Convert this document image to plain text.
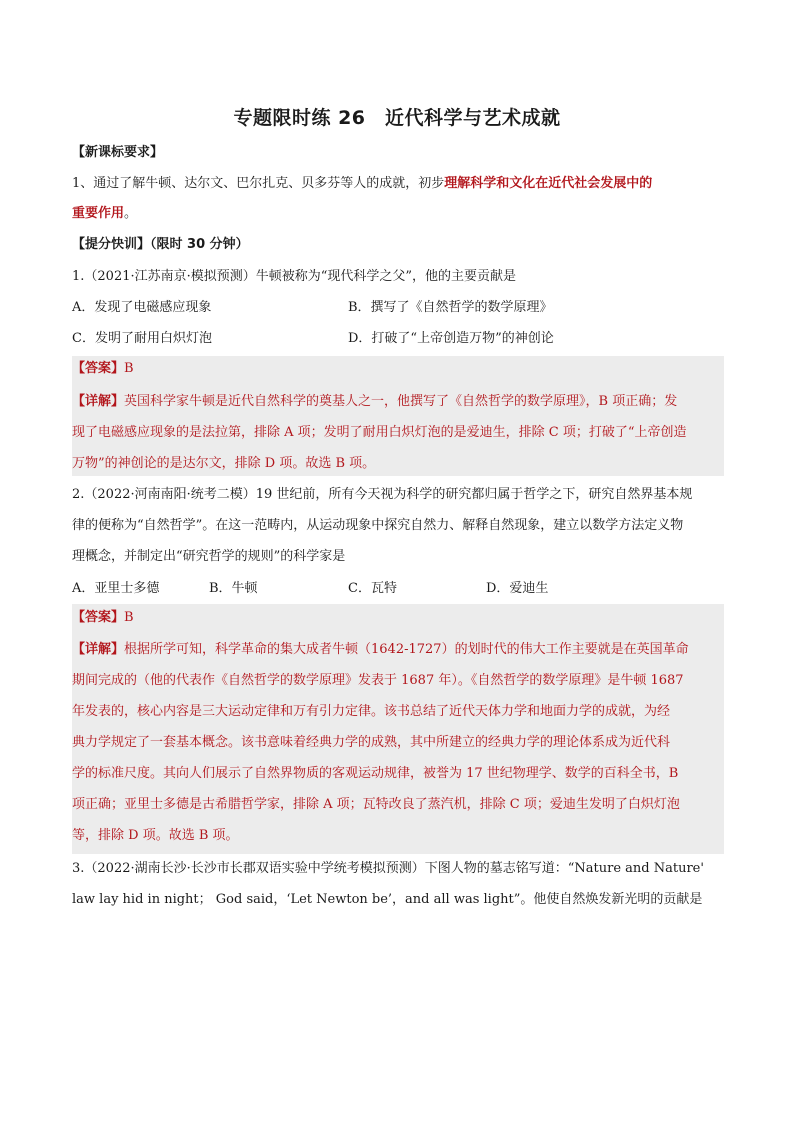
专题限时练 26　近代科学与艺术成就
【新课标要求】
1、通过了解牛顿、达尔文、巴尔扎克、贝多芬等人的成就，初步理解科学和文化在近代社会发展中的
重要作用。
【提分快训】（限时 30 分钟）
1.（2021·江苏南京·模拟预测）牛顿被称为“现代科学之父”，他的主要贡献是
A．发现了电磁感应现象	B．撰写了《自然哲学的数学原理》
C．发明了耐用白炽灯泡	D．打破了“上帝创造万物”的神创论
【答案】B
【详解】英国科学家牛顿是近代自然科学的奠基人之一，他撰写了《自然哲学的数学原理》，B 项正确；发
现了电磁感应现象的是法拉第，排除 A 项；发明了耐用白炽灯泡的是爱迪生，排除 C 项；打破了“上帝创造
万物”的神创论的是达尔文，排除 D 项。故选 B 项。
2.（2022·河南南阳·统考二模）19 世纪前，所有今天视为科学的研究都归属于哲学之下，研究自然界基本规
律的便称为“自然哲学”。在这一范畴内，从运动现象中探究自然力、解释自然现象，建立以数学方法定义物
理概念，并制定出“研究哲学的规则”的科学家是
A．亚里士多德	B．牛顿	C．瓦特	D．爱迪生
【答案】B
【详解】根据所学可知，科学革命的集大成者牛顿（1642-1727）的划时代的伟大工作主要就是在英国革命
期间完成的（他的代表作《自然哲学的数学原理》发表于 1687 年）。《自然哲学的数学原理》是牛顿 1687
年发表的，核心内容是三大运动定律和万有引力定律。该书总结了近代天体力学和地面力学的成就，为经
典力学规定了一套基本概念。该书意味着经典力学的成熟，其中所建立的经典力学的理论体系成为近代科
学的标准尺度。其向人们展示了自然界物质的客观运动规律，被誉为 17 世纪物理学、数学的百科全书，B
项正确；亚里士多德是古希腊哲学家，排除 A 项；瓦特改良了蒸汽机，排除 C 项；爱迪生发明了白炽灯泡
等，排除 D 项。故选 B 项。
3.（2022·湖南长沙·长沙市长郡双语实验中学统考模拟预测）下图人物的墓志铭写道：“Nature and Nature'
law lay hid in night； God said，‘Let Newton be’，and all was light”。他使自然焕发新光明的贡献是
